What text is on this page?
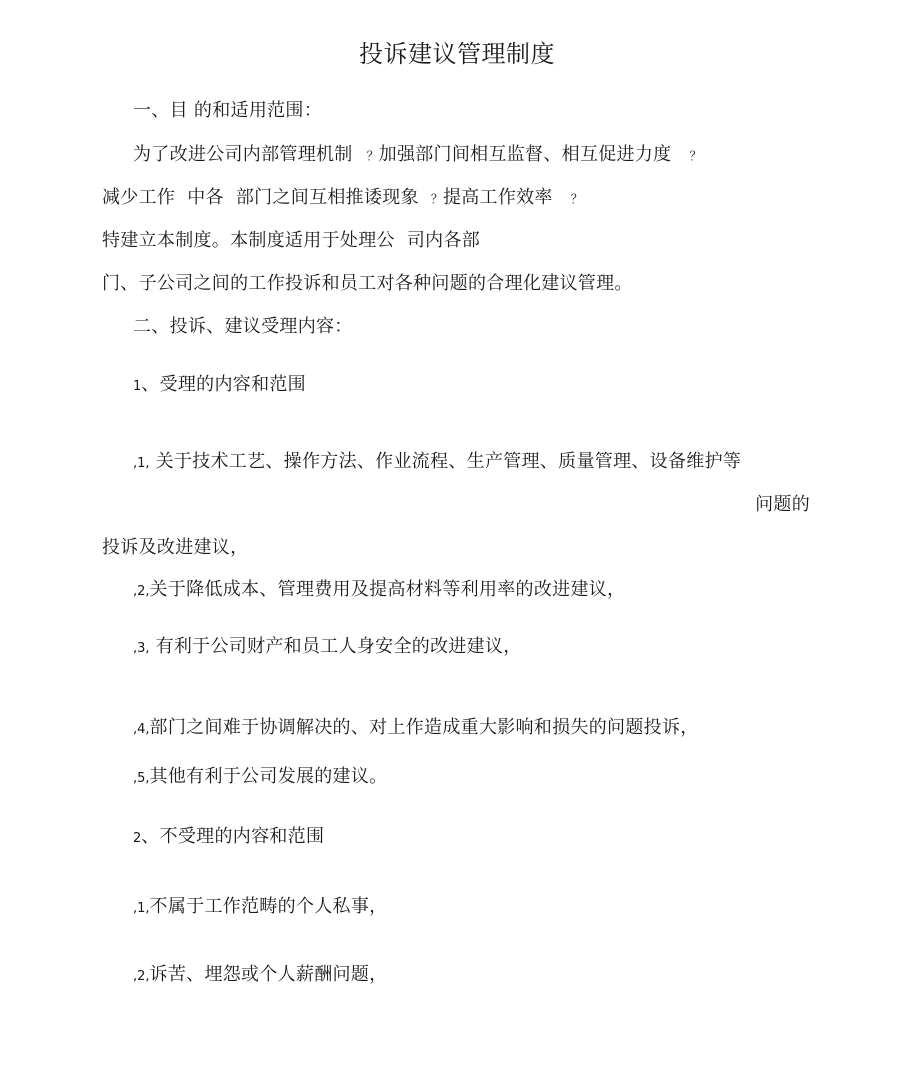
投诉建议管理制度
一、目 的和适用范围：
为了改进公司内部管理机制 ？加强部门间相互监督、相互促进力度 ？
减少工作  中各  部门之间互相推诿现象 ？提高工作效率 ？
特建立本制度。本制度适用于处理公  司内各部
门、子公司之间的工作投诉和员工对各种问题的合理化建议管理。
二、投诉、建议受理内容：
1、受理的内容和范围
,1, 关于技术工艺、操作方法、作业流程、生产管理、质量管理、设备维护等
问题的
投诉及改进建议，
,2,关于降低成本、管理费用及提高材料等利用率的改进建议，
,3, 有利于公司财产和员工人身安全的改进建议，
,4,部门之间难于协调解决的、对上作造成重大影响和损失的问题投诉，
,5,其他有利于公司发展的建议。
2、不受理的内容和范围
,1,不属于工作范畴的个人私事，
,2,诉苦、埋怨或个人薪酬问题，
